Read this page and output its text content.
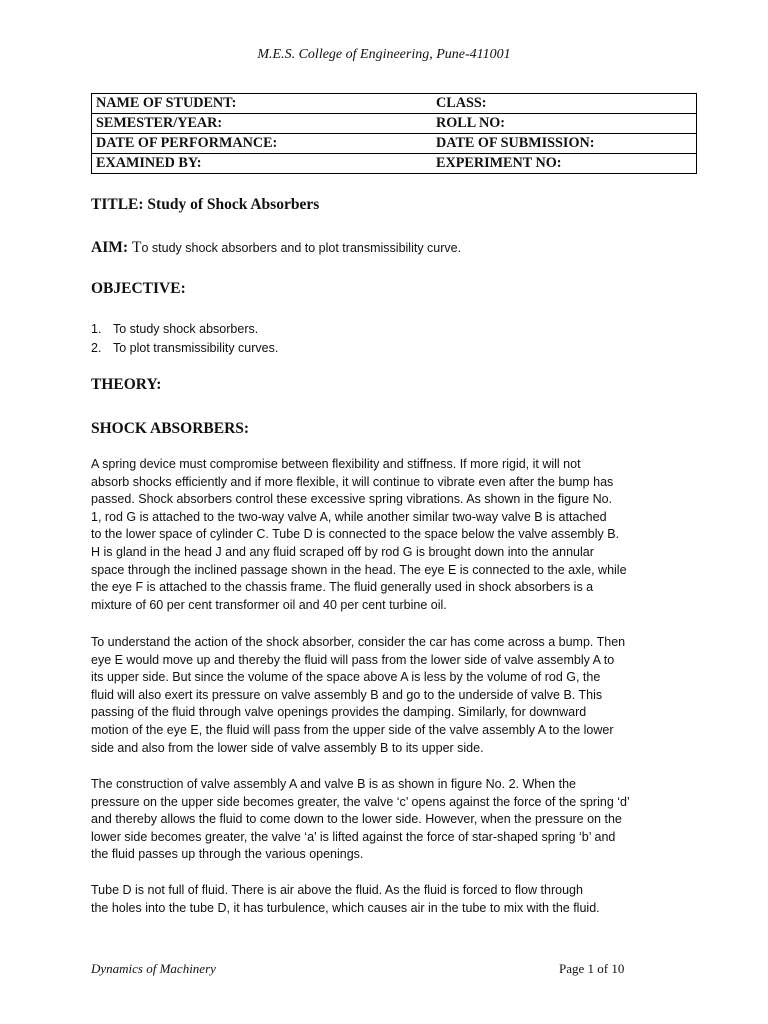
M.E.S. College of Engineering, Pune-411001
NAME OF STUDENT:	CLASS:
SEMESTER/YEAR:	ROLL NO:
DATE OF PERFORMANCE:	DATE OF SUBMISSION:
EXAMINED BY:	EXPERIMENT NO:
TITLE: Study of Shock Absorbers
AIM: To study shock absorbers and to plot transmissibility curve.
OBJECTIVE:
1. To study shock absorbers.
2. To plot transmissibility curves.
THEORY:
SHOCK ABSORBERS:
A spring device must compromise between flexibility and stiffness. If more rigid, it will not
absorb shocks efficiently and if more flexible, it will continue to vibrate even after the bump has
passed. Shock absorbers control these excessive spring vibrations. As shown in the figure No.
1, rod G is attached to the two-way valve A, while another similar two-way valve B is attached
to the lower space of cylinder C. Tube D is connected to the space below the valve assembly B.
H is gland in the head J and any fluid scraped off by rod G is brought down into the annular
space through the inclined passage shown in the head. The eye E is connected to the axle, while
the eye F is attached to the chassis frame. The fluid generally used in shock absorbers is a
mixture of 60 per cent transformer oil and 40 per cent turbine oil.
To understand the action of the shock absorber, consider the car has come across a bump. Then
eye E would move up and thereby the fluid will pass from the lower side of valve assembly A to
its upper side. But since the volume of the space above A is less by the volume of rod G, the
fluid will also exert its pressure on valve assembly B and go to the underside of valve B. This
passing of the fluid through valve openings provides the damping. Similarly, for downward
motion of the eye E, the fluid will pass from the upper side of the valve assembly A to the lower
side and also from the lower side of valve assembly B to its upper side.
The construction of valve assembly A and valve B is as shown in figure No. 2. When the
pressure on the upper side becomes greater, the valve ‘c’ opens against the force of the spring ‘d’
and thereby allows the fluid to come down to the lower side. However, when the pressure on the
lower side becomes greater, the valve ‘a’ is lifted against the force of star-shaped spring ‘b’ and
the fluid passes up through the various openings.
Tube D is not full of fluid. There is air above the fluid. As the fluid is forced to flow through
the holes into the tube D, it has turbulence, which causes air in the tube to mix with the fluid.
Dynamics of Machinery	Page 1 of 10
